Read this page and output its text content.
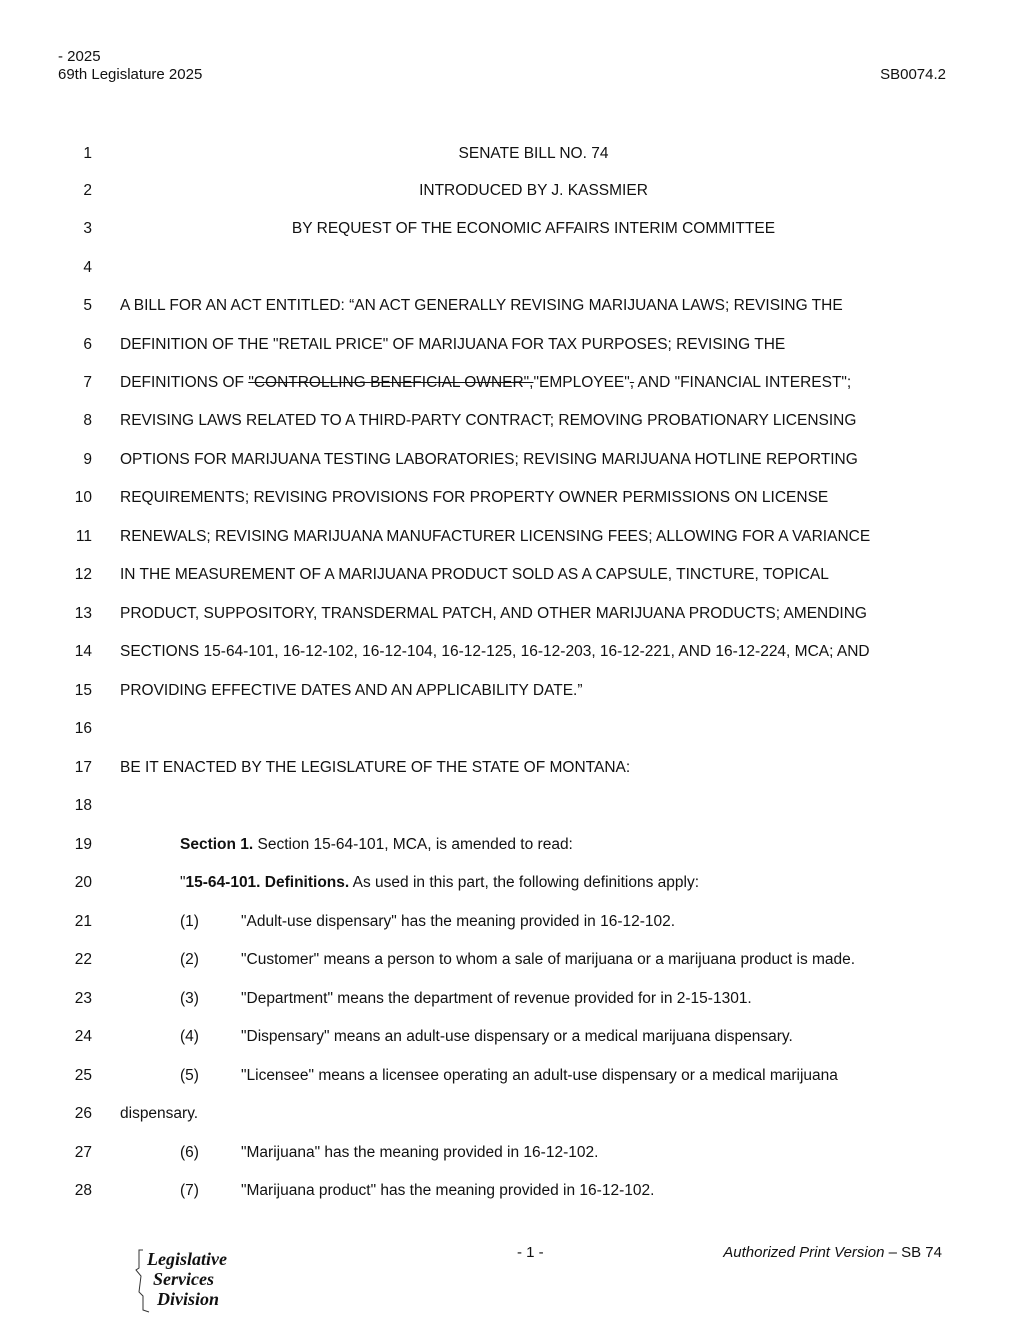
- 2025
69th Legislature 2025	SB0074.2
1	SENATE BILL NO. 74
2	INTRODUCED BY J. KASSMIER
3	BY REQUEST OF THE ECONOMIC AFFAIRS INTERIM COMMITTEE
4
5 A BILL FOR AN ACT ENTITLED: “AN ACT GENERALLY REVISING MARIJUANA LAWS; REVISING THE
6 DEFINITION OF THE "RETAIL PRICE" OF MARIJUANA FOR TAX PURPOSES; REVISING THE
7 DEFINITIONS OF "CONTROLLING BENEFICIAL OWNER","EMPLOYEE", AND "FINANCIAL INTEREST";
8 REVISING LAWS RELATED TO A THIRD-PARTY CONTRACT; REMOVING PROBATIONARY LICENSING
9 OPTIONS FOR MARIJUANA TESTING LABORATORIES; REVISING MARIJUANA HOTLINE REPORTING
10 REQUIREMENTS; REVISING PROVISIONS FOR PROPERTY OWNER PERMISSIONS ON LICENSE
11 RENEWALS; REVISING MARIJUANA MANUFACTURER LICENSING FEES; ALLOWING FOR A VARIANCE
12 IN THE MEASUREMENT OF A MARIJUANA PRODUCT SOLD AS A CAPSULE, TINCTURE, TOPICAL
13 PRODUCT, SUPPOSITORY, TRANSDERMAL PATCH, AND OTHER MARIJUANA PRODUCTS; AMENDING
14 SECTIONS 15-64-101, 16-12-102, 16-12-104, 16-12-125, 16-12-203, 16-12-221, AND 16-12-224, MCA; AND
15 PROVIDING EFFECTIVE DATES AND AN APPLICABILITY DATE.”
16
17 BE IT ENACTED BY THE LEGISLATURE OF THE STATE OF MONTANA:
18
19	Section 1. Section 15-64-101, MCA, is amended to read:
20	"15-64-101. Definitions. As used in this part, the following definitions apply:
21	(1)	"Adult-use dispensary" has the meaning provided in 16-12-102.
22	(2)	"Customer" means a person to whom a sale of marijuana or a marijuana product is made.
23	(3)	"Department" means the department of revenue provided for in 2-15-1301.
24	(4)	"Dispensary" means an adult-use dispensary or a medical marijuana dispensary.
25	(5)	"Licensee" means a licensee operating an adult-use dispensary or a medical marijuana
26 dispensary.
27	(6)	"Marijuana" has the meaning provided in 16-12-102.
28	(7)	"Marijuana product" has the meaning provided in 16-12-102.
Legislative
Services
Division
- 1 -	Authorized Print Version – SB 74
